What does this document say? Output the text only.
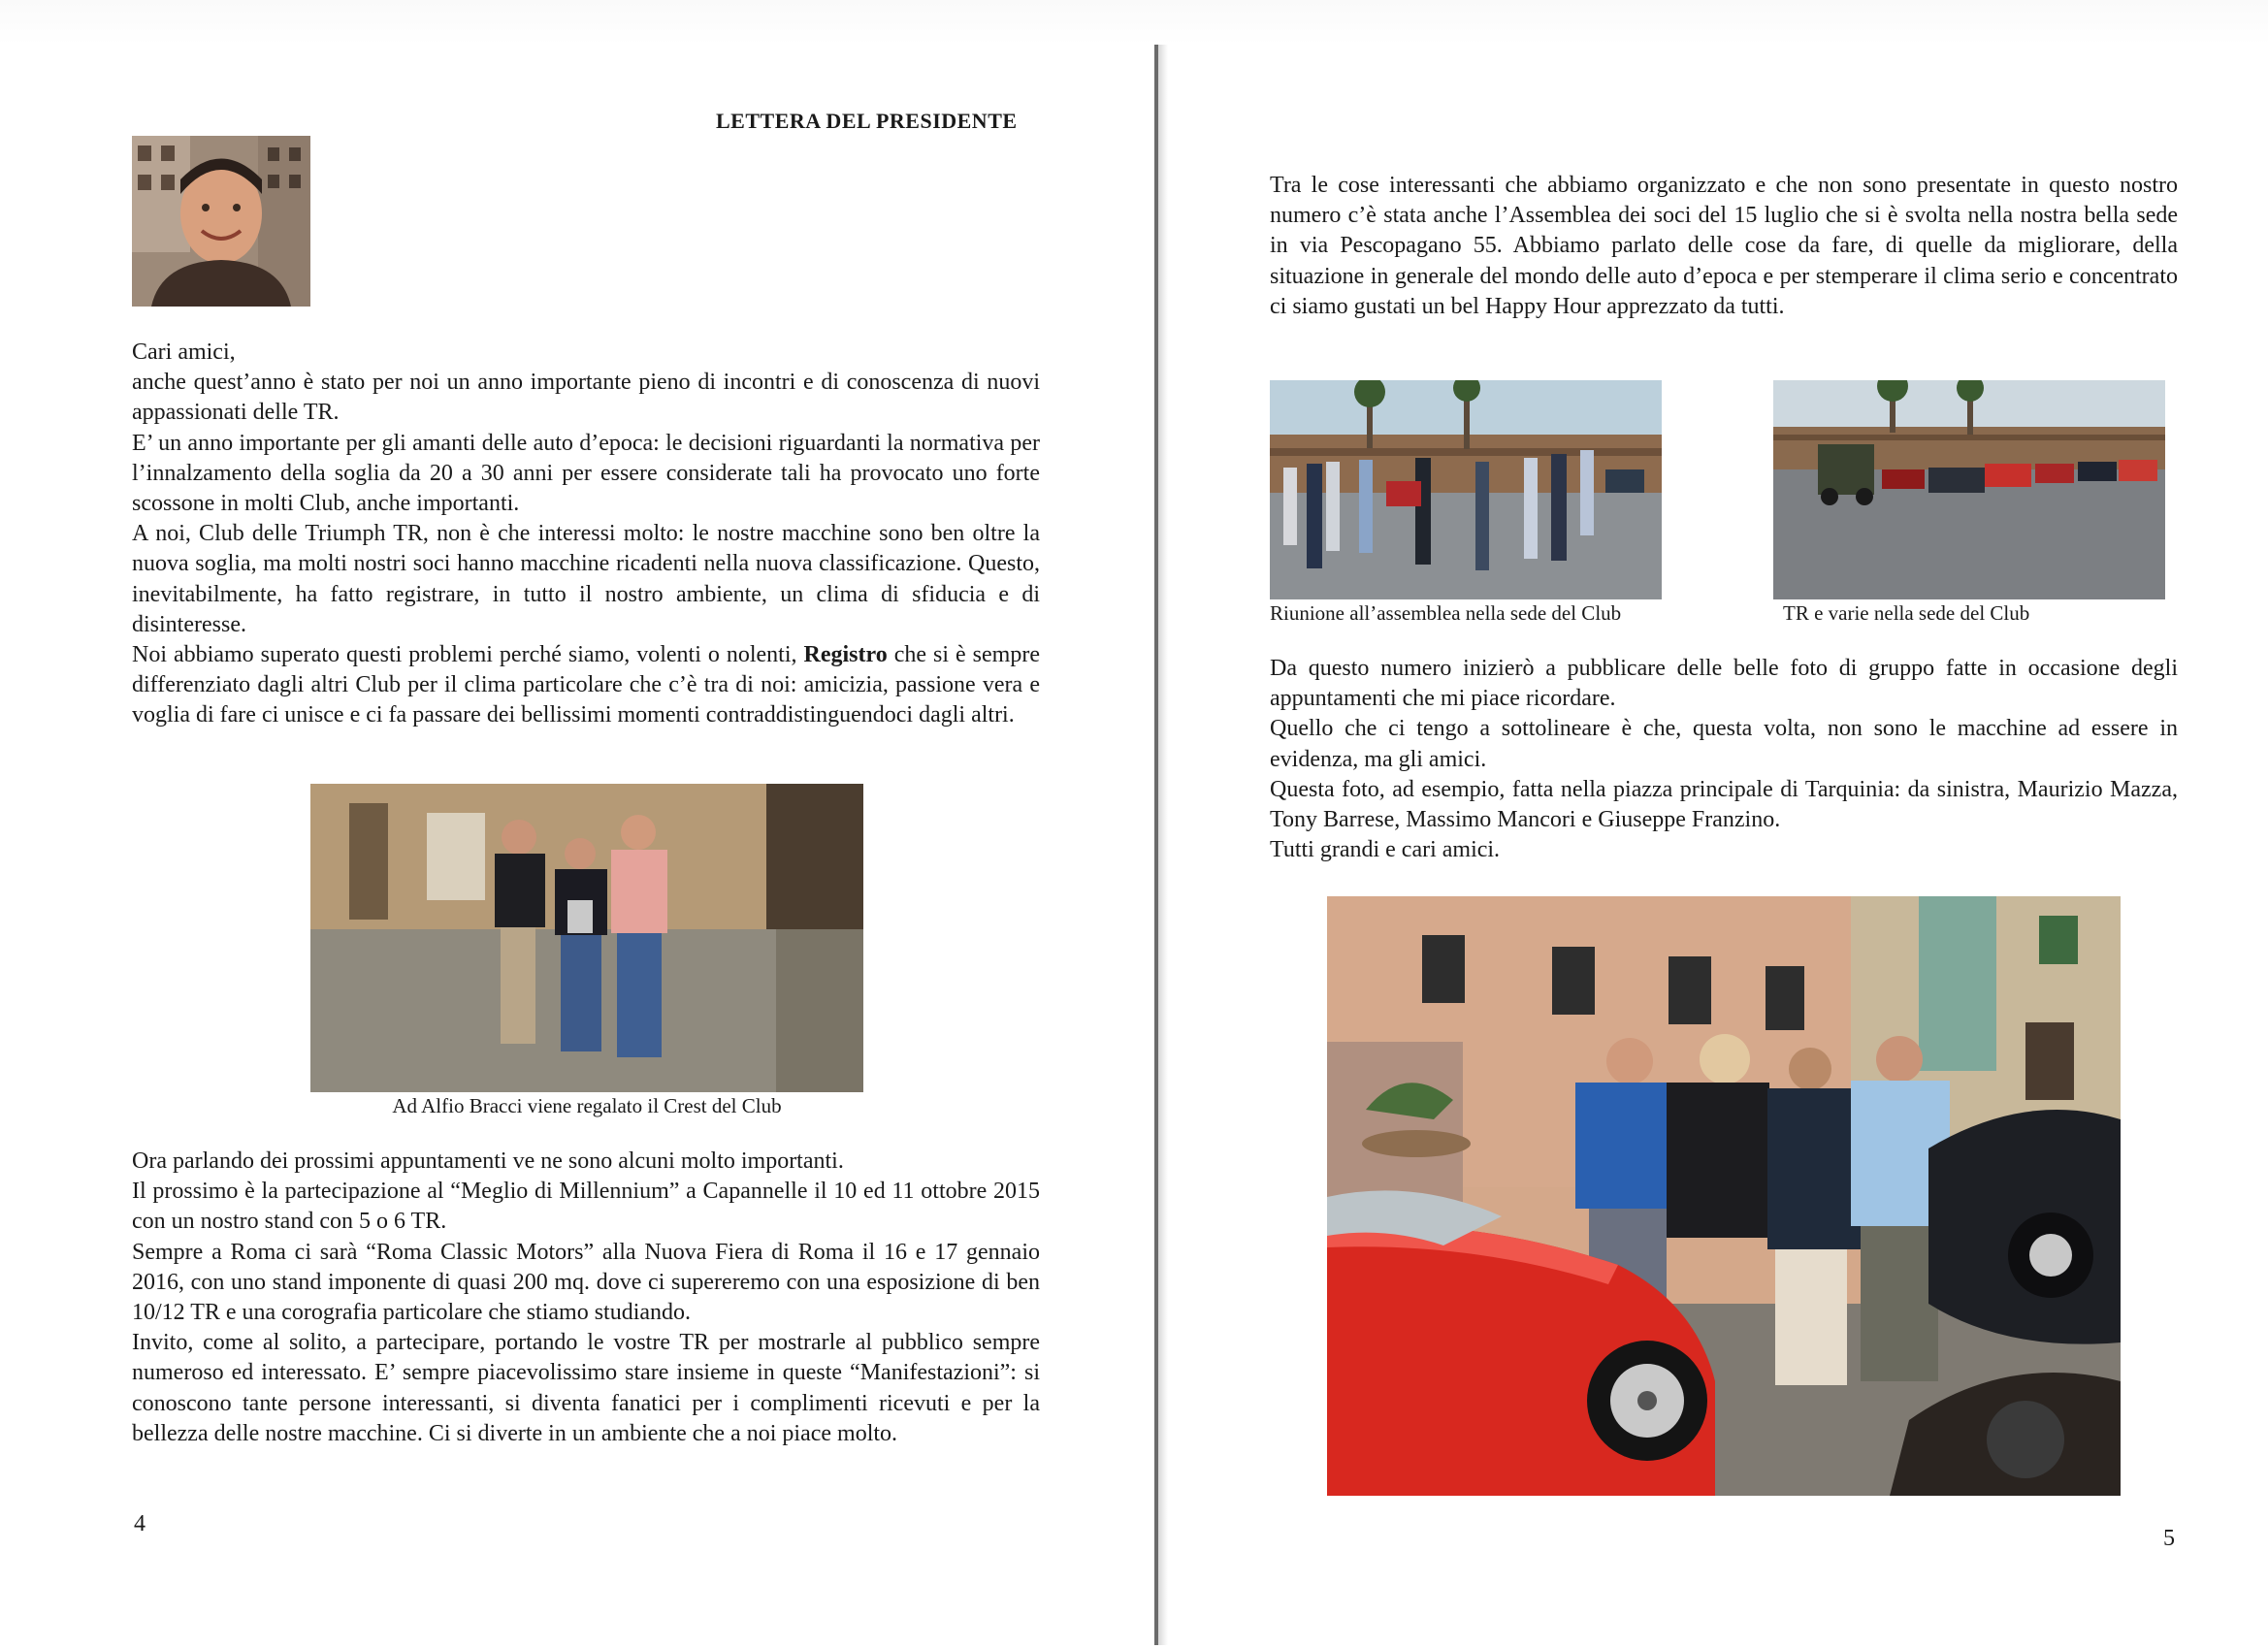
LETTERA DEL PRESIDENTE

Cari amici,

anche quest’anno è stato per noi un anno importante pieno di incontri e di conoscenza di nuovi appassionati delle TR.

E’ un anno importante per gli amanti delle auto d’epoca: le decisioni riguardanti la normativa per l’innalzamento della soglia da 20 a 30 anni per essere considerate tali ha provocato uno forte scossone in molti Club, anche importanti.

A noi, Club delle Triumph TR, non è che interessi molto: le nostre macchine sono ben oltre la nuova soglia, ma molti nostri soci hanno macchine ricadenti nella nuova classificazione. Questo, inevitabilmente, ha fatto registrare, in tutto il nostro ambiente, un clima di sfiducia e di disinteresse.

Noi abbiamo superato questi problemi perché siamo, volenti o nolenti, Registro che si è sempre differenziato dagli altri Club per il clima particolare che c’è tra di noi: amicizia, passione vera e voglia di fare ci unisce e ci fa passare dei bellissimi momenti contraddistinguendoci dagli altri.

Ad Alfio Bracci viene regalato il Crest del Club

Ora parlando dei prossimi appuntamenti ve ne sono alcuni molto importanti.

Il prossimo è la partecipazione al “Meglio di Millennium” a Capannelle il 10 ed 11 ottobre 2015 con un nostro stand con 5 o 6 TR.

Sempre a Roma ci sarà “Roma Classic Motors” alla Nuova Fiera di Roma il 16 e 17 gennaio 2016, con uno stand imponente di quasi 200 mq. dove ci supereremo con una esposizione di ben 10/12 TR e una corografia particolare che stiamo studiando.

Invito, come al solito, a partecipare, portando le vostre TR per mostrarle al pubblico sempre numeroso ed interessato. E’ sempre piacevolissimo stare insieme in queste “Manifestazioni”: si conoscono tante persone interessanti, si diventa fanatici per i complimenti ricevuti e per la bellezza delle nostre macchine. Ci si diverte in un ambiente che a noi piace molto.

4

Tra le cose interessanti che abbiamo organizzato e che non sono presentate in questo nostro numero c’è stata anche l’Assemblea dei soci del 15 luglio che si è svolta nella nostra bella sede in via Pescopagano 55. Abbiamo parlato delle cose da fare, di quelle da migliorare, della situazione in generale del mondo delle auto d’epoca e per stemperare il clima serio e concentrato ci siamo gustati un bel Happy Hour apprezzato da tutti.

Riunione all’assemblea nella sede del Club	TR e varie nella sede del Club

Da questo numero inizierò a pubblicare delle belle foto di gruppo fatte in occasione degli appuntamenti che mi piace ricordare.

Quello che ci tengo a sottolineare è che, questa volta, non sono le macchine ad essere in evidenza, ma gli amici.

Questa foto, ad esempio, fatta nella piazza principale di Tarquinia: da sinistra, Maurizio Mazza, Tony Barrese, Massimo Mancori e Giuseppe Franzino.

Tutti grandi e cari amici.

5
